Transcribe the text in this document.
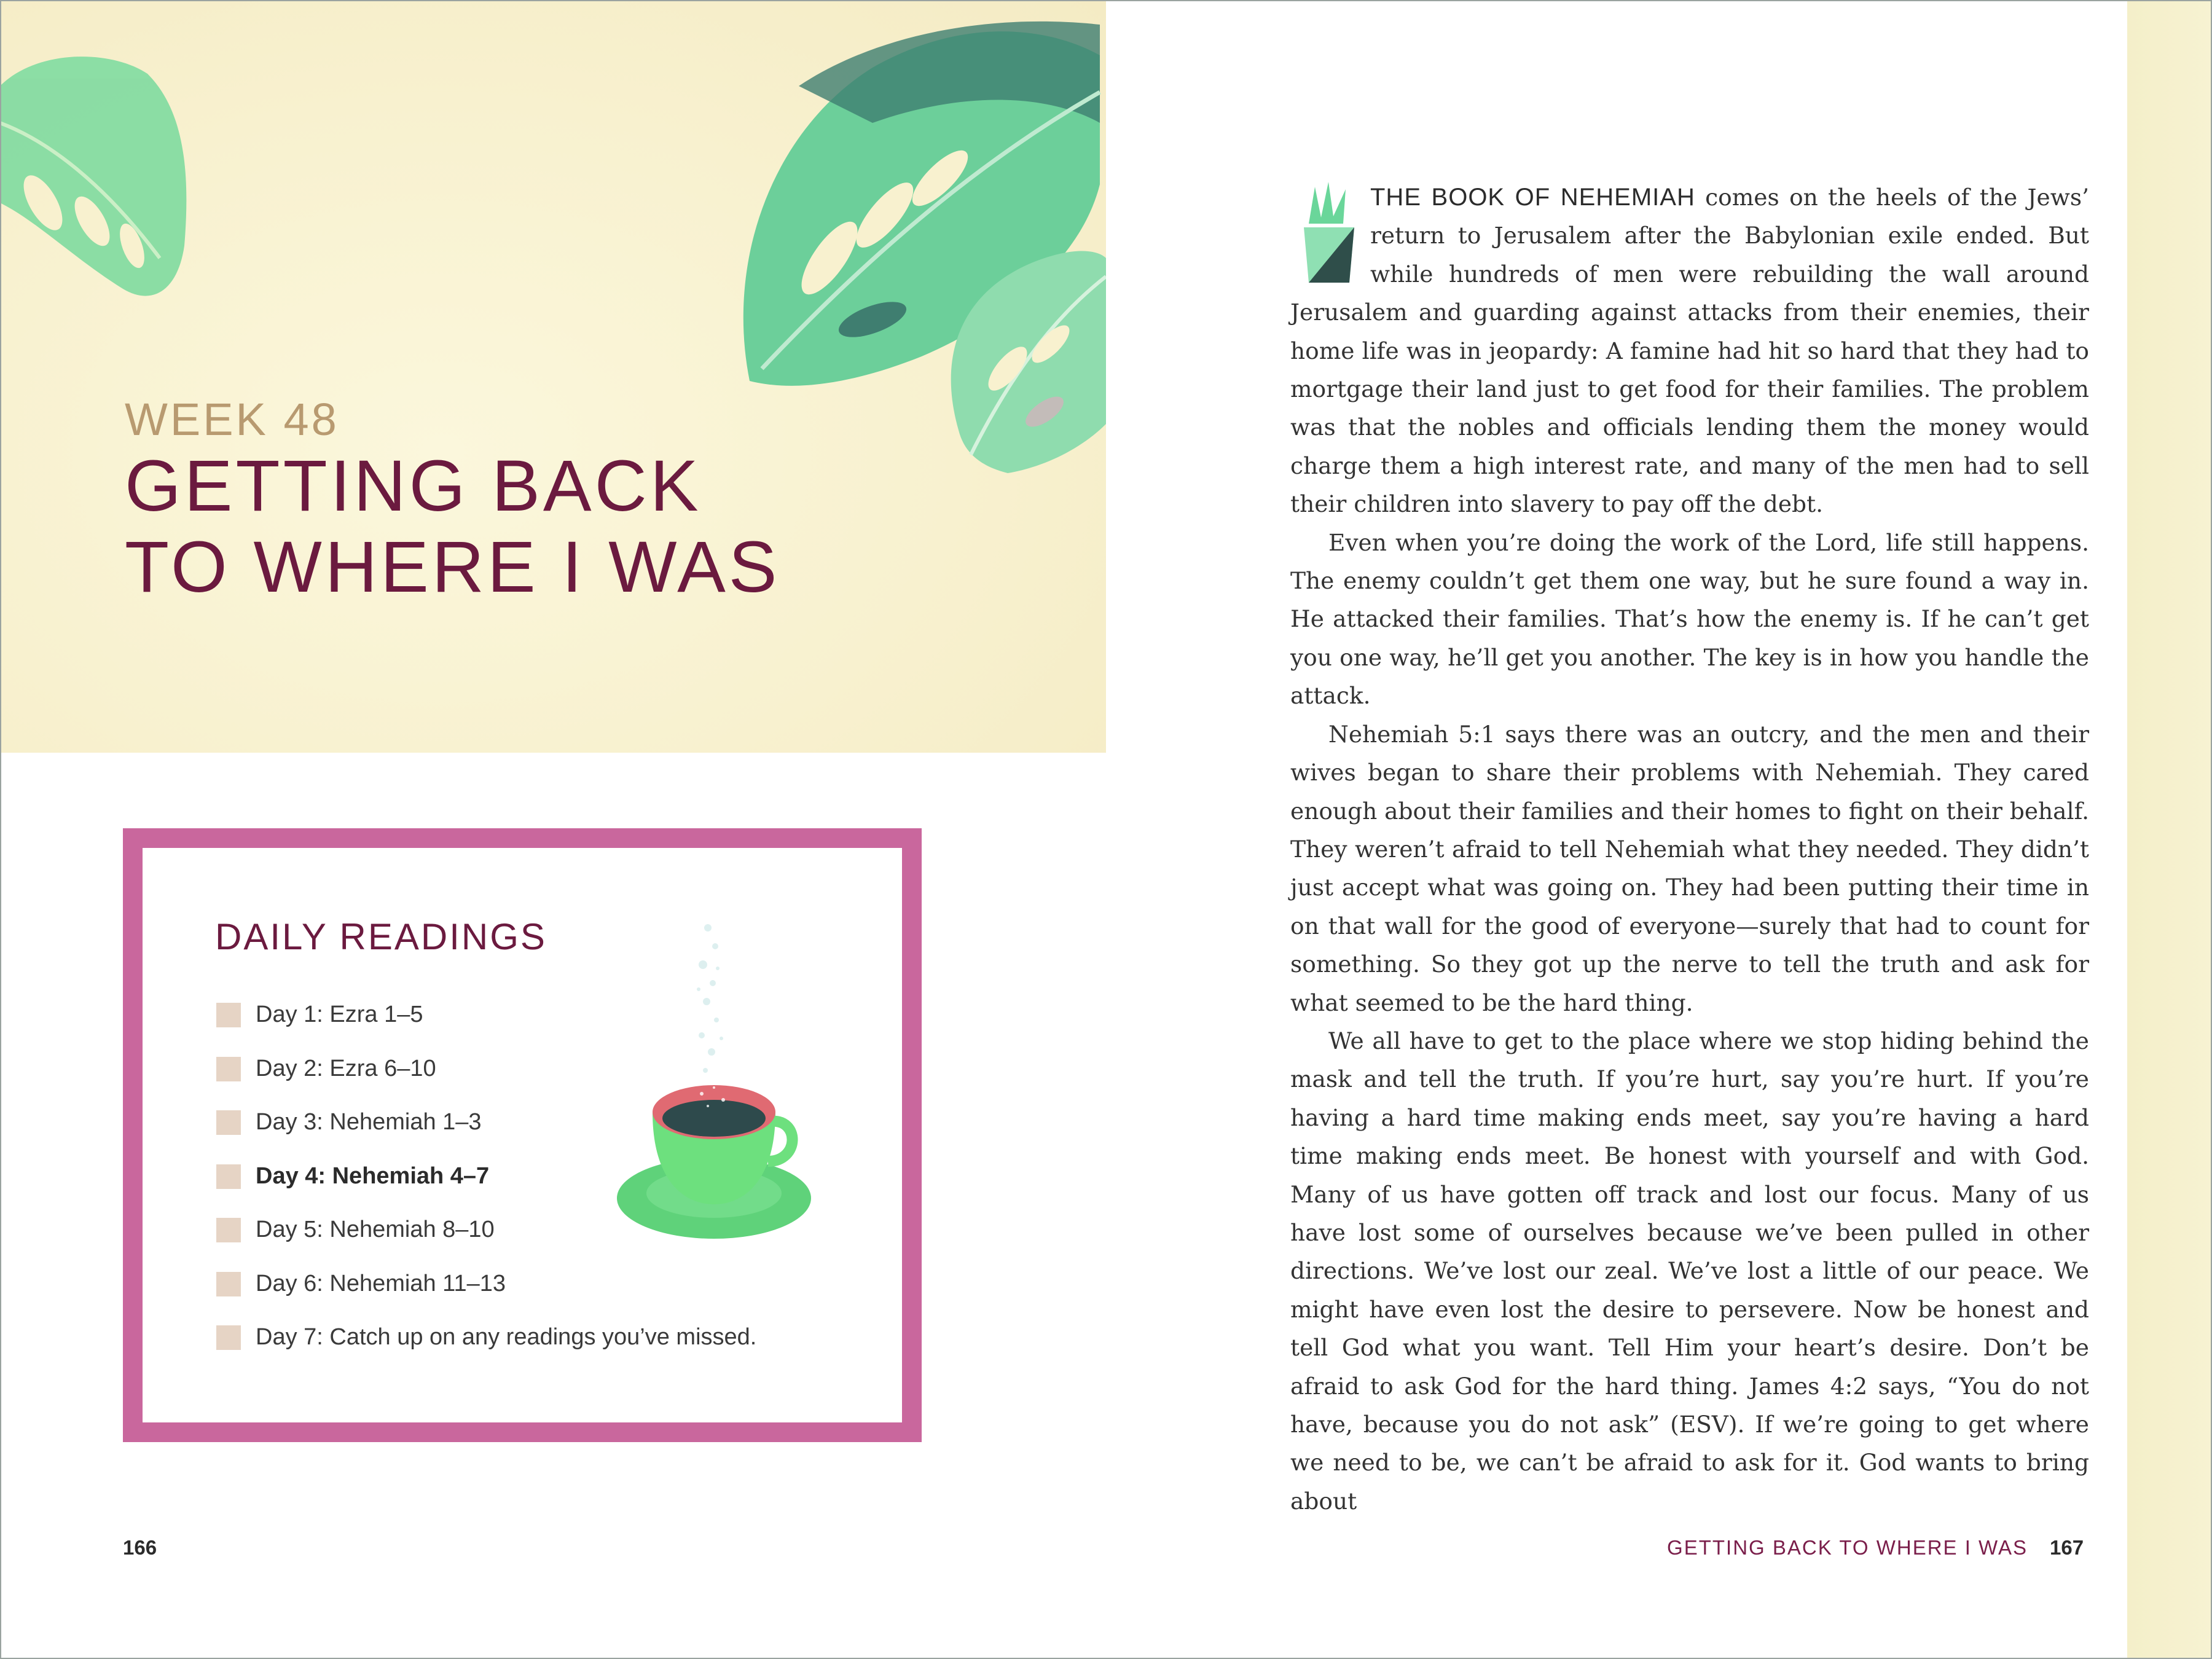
WEEK 48
GETTING BACK
TO WHERE I WAS
DAILY READINGS
Day 1: Ezra 1–5
Day 2: Ezra 6–10
Day 3: Nehemiah 1–3
Day 4: Nehemiah 4–7
Day 5: Nehemiah 8–10
Day 6: Nehemiah 11–13
Day 7: Catch up on any readings you’ve missed.
166

THE BOOK OF NEHEMIAH comes on the heels of the Jews’ return to Jerusalem after the Babylonian exile ended. But while hundreds of men were rebuilding the wall around Jerusalem and guarding against attacks from their enemies, their home life was in jeopardy: A famine had hit so hard that they had to mortgage their land just to get food for their families. The problem was that the nobles and officials lending them the money would charge them a high interest rate, and many of the men had to sell their children into slavery to pay off the debt.

Even when you’re doing the work of the Lord, life still happens. The enemy couldn’t get them one way, but he sure found a way in. He attacked their families. That’s how the enemy is. If he can’t get you one way, he’ll get you another. The key is in how you handle the attack.

Nehemiah 5:1 says there was an outcry, and the men and their wives began to share their problems with Nehemiah. They cared enough about their families and their homes to fight on their behalf. They weren’t afraid to tell Nehemiah what they needed. They didn’t just accept what was going on. They had been putting their time in on that wall for the good of everyone—surely that had to count for something. So they got up the nerve to tell the truth and ask for what seemed to be the hard thing.

We all have to get to the place where we stop hiding behind the mask and tell the truth. If you’re hurt, say you’re hurt. If you’re having a hard time making ends meet, say you’re having a hard time making ends meet. Be honest with yourself and with God. Many of us have gotten off track and lost our focus. Many of us have lost some of ourselves because we’ve been pulled in other directions. We’ve lost our zeal. We’ve lost a little of our peace. We might have even lost the desire to persevere. Now be honest and tell God what you want. Tell Him your heart’s desire. Don’t be afraid to ask God for the hard thing. James 4:2 says, “You do not have, because you do not ask” (ESV). If we’re going to get where we need to be, we can’t be afraid to ask for it. God wants to bring about

GETTING BACK TO WHERE I WAS 167
